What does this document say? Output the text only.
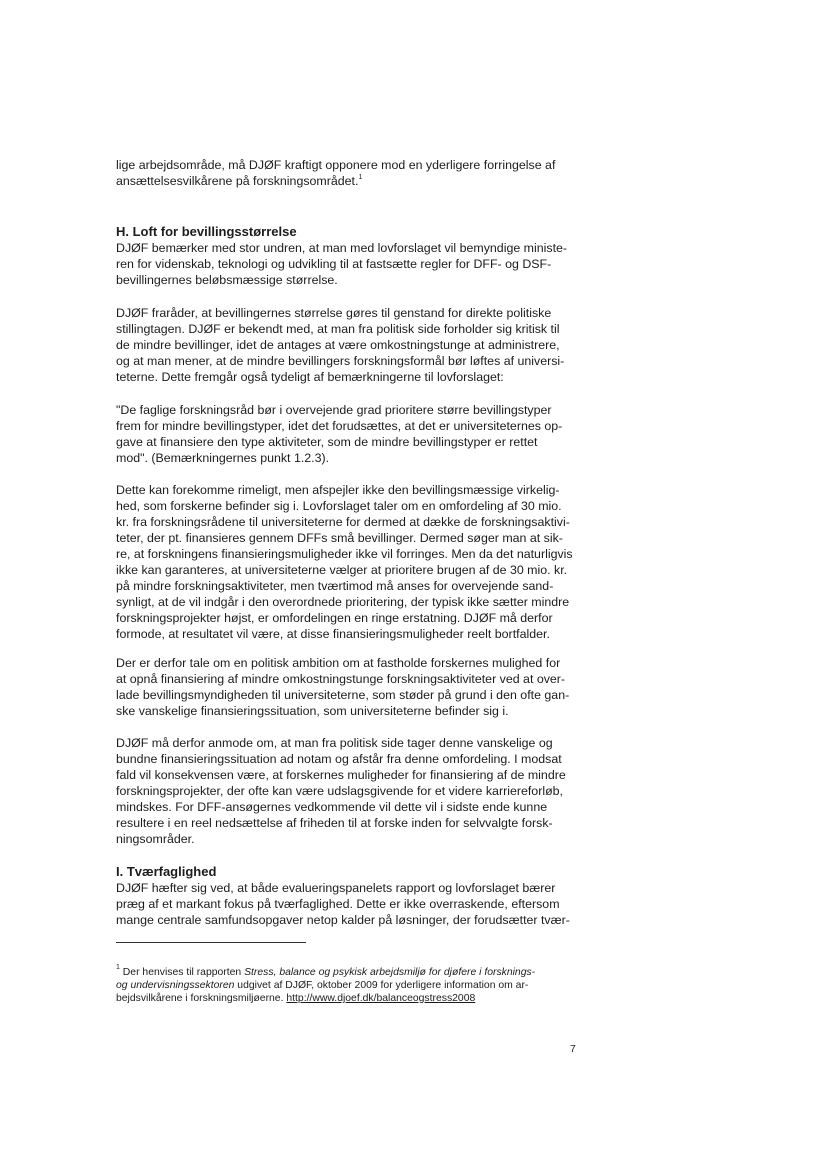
lige arbejdsområde, må DJØF kraftigt opponere mod en yderligere forringelse af
ansættelsesvilkårene på forskningsområdet.$^1$
H. Loft for bevillingsstørrelse
DJØF bemærker med stor undren, at man med lovforslaget vil bemyndige ministe-
ren for videnskab, teknologi og udvikling til at fastsætte regler for DFF- og DSF-
bevillingernes beløbsmæssige størrelse.
DJØF fraråder, at bevillingernes størrelse gøres til genstand for direkte politiske
stillingtagen. DJØF er bekendt med, at man fra politisk side forholder sig kritisk til
de mindre bevillinger, idet de antages at være omkostningstunge at administrere,
og at man mener, at de mindre bevillingers forskningsformål bør løftes af universi-
teterne. Dette fremgår også tydeligt af bemærkningerne til lovforslaget:
"De faglige forskningsråd bør i overvejende grad prioritere større bevillingstyper
frem for mindre bevillingstyper, idet det forudsættes, at det er universiteternes op-
gave at finansiere den type aktiviteter, som de mindre bevillingstyper er rettet
mod". (Bemærkningernes punkt 1.2.3).
Dette kan forekomme rimeligt, men afspejler ikke den bevillingsmæssige virkelig-
hed, som forskerne befinder sig i. Lovforslaget taler om en omfordeling af 30 mio.
kr. fra forskningsrådene til universiteterne for dermed at dække de forskningsaktivi-
teter, der pt. finansieres gennem DFFs små bevillinger. Dermed søger man at sik-
re, at forskningens finansieringsmuligheder ikke vil forringes. Men da det naturligvis
ikke kan garanteres, at universiteterne vælger at prioritere brugen af de 30 mio. kr.
på mindre forskningsaktiviteter, men tværtimod må anses for overvejende sand-
synligt, at de vil indgår i den overordnede prioritering, der typisk ikke sætter mindre
forskningsprojekter højst, er omfordelingen en ringe erstatning. DJØF må derfor
formode, at resultatet vil være, at disse finansieringsmuligheder reelt bortfalder.
Der er derfor tale om en politisk ambition om at fastholde forskernes mulighed for
at opnå finansiering af mindre omkostningstunge forskningsaktiviteter ved at over-
lade bevillingsmyndigheden til universiteterne, som støder på grund i den ofte gan-
ske vanskelige finansieringssituation, som universiteterne befinder sig i.
DJØF må derfor anmode om, at man fra politisk side tager denne vanskelige og
bundne finansieringssituation ad notam og afstår fra denne omfordeling. I modsat
fald vil konsekvensen være, at forskernes muligheder for finansiering af de mindre
forskningsprojekter, der ofte kan være udslagsgivende for et videre karriereforløb,
mindskes. For DFF-ansøgernes vedkommende vil dette vil i sidste ende kunne
resultere i en reel nedsættelse af friheden til at forske inden for selvvalgte forsk-
ningsområder.
I. Tværfaglighed
DJØF hæfter sig ved, at både evalueringspanelets rapport og lovforslaget bærer
præg af et markant fokus på tværfaglighed. Dette er ikke overraskende, eftersom
mange centrale samfundsopgaver netop kalder på løsninger, der forudsætter tvær-
$^1$ Der henvises til rapporten Stress, balance og psykisk arbejdsmiljø for djøfere i forsknings-
og undervisningssektoren udgivet af DJØF, oktober 2009 for yderligere information om ar-
bejdsvilkårene i forskningsmiljøerne. http://www.djoef.dk/balanceogstress2008
7
